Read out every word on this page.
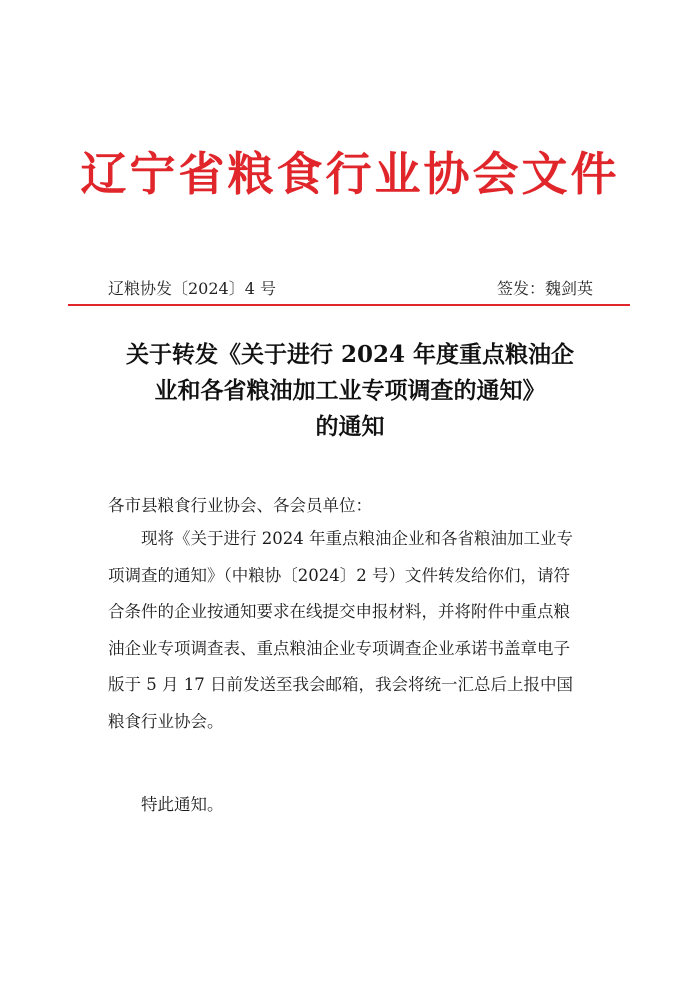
辽宁省粮食行业协会文件
辽粮协发〔2024〕4 号	签发：魏剑英
关于转发《关于进行 2024 年度重点粮油企
业和各省粮油加工业专项调查的通知》
的通知
各市县粮食行业协会、各会员单位：
现将《关于进行 2024 年重点粮油企业和各省粮油加工业专
项调查的通知》（中粮协〔2024〕2 号）文件转发给你们，请符
合条件的企业按通知要求在线提交申报材料，并将附件中重点粮
油企业专项调查表、重点粮油企业专项调查企业承诺书盖章电子
版于 5 月 17 日前发送至我会邮箱，我会将统一汇总后上报中国
粮食行业协会。
特此通知。
